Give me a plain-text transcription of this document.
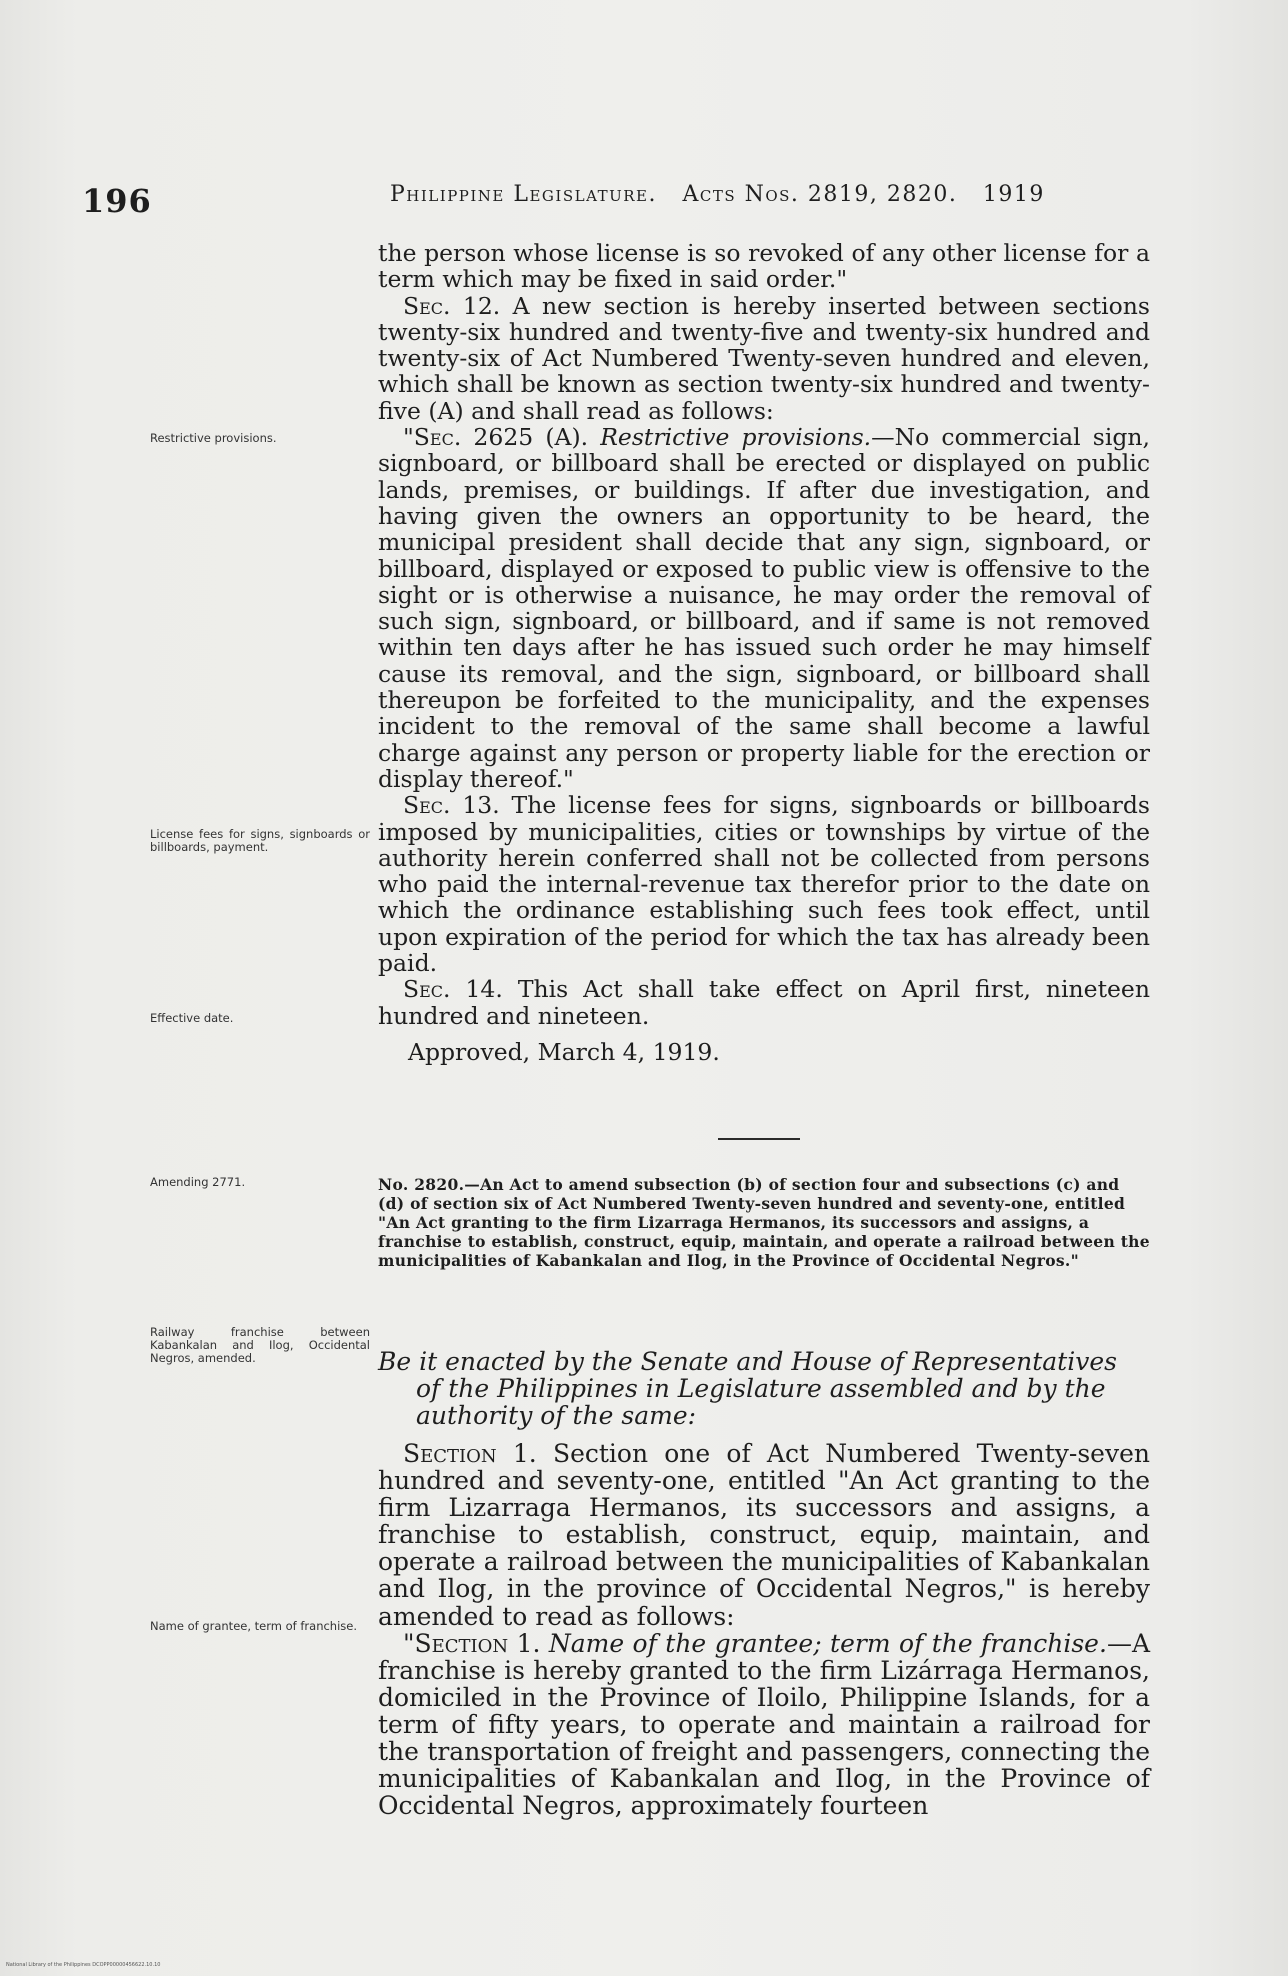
196	Philippine Legislature. Acts Nos. 2819, 2820. 1919

the person whose license is so revoked of any other license for a term which may be fixed in said order."

Sec. 12. A new section is hereby inserted between sections twenty-six hundred and twenty-five and twenty-six hundred and twenty-six of Act Numbered Twenty-seven hundred and eleven, which shall be known as section twenty-six hundred and twenty-five (A) and shall read as follows:

"Sec. 2625 (A). Restrictive provisions.—No commercial sign, signboard, or billboard shall be erected or displayed on public lands, premises, or buildings. If after due investigation, and having given the owners an opportunity to be heard, the municipal president shall decide that any sign, signboard, or billboard, displayed or exposed to public view is offensive to the sight or is otherwise a nuisance, he may order the removal of such sign, signboard, or billboard, and if same is not removed within ten days after he has issued such order he may himself cause its removal, and the sign, signboard, or billboard shall thereupon be forfeited to the municipality, and the expenses incident to the removal of the same shall become a lawful charge against any person or property liable for the erection or display thereof."

Sec. 13. The license fees for signs, signboards or billboards imposed by municipalities, cities or townships by virtue of the authority herein conferred shall not be collected from persons who paid the internal-revenue tax therefor prior to the date on which the ordinance establishing such fees took effect, until upon expiration of the period for which the tax has already been paid.

Sec. 14. This Act shall take effect on April first, nineteen hundred and nineteen.

Approved, March 4, 1919.

Restrictive provisions.
License fees for signs, signboards or billboards, payment.
Effective date.
Amending 2771.
Railway franchise between Kabankalan and Ilog, Occidental Negros, amended.
Name of grantee, term of franchise.
No. 2820.—An Act to amend subsection (b) of section four and subsections (c) and (d) of section six of Act Numbered Twenty-seven hundred and seventy-one, entitled "An Act granting to the firm Lizarraga Hermanos, its successors and assigns, a franchise to establish, construct, equip, maintain, and operate a railroad between the municipalities of Kabankalan and Ilog, in the Province of Occidental Negros."
Be it enacted by the Senate and House of Representatives
of the Philippines in Legislature assembled and by the
authority of the same:

Section 1. Section one of Act Numbered Twenty-seven hundred and seventy-one, entitled "An Act granting to the firm Lizarraga Hermanos, its successors and assigns, a franchise to establish, construct, equip, maintain, and operate a railroad between the municipalities of Kabankalan and Ilog, in the province of Occidental Negros," is hereby amended to read as follows:

"Section 1. Name of the grantee; term of the franchise.—A franchise is hereby granted to the firm Lizárraga Hermanos, domiciled in the Province of Iloilo, Philippine Islands, for a term of fifty years, to operate and maintain a railroad for the transportation of freight and passengers, connecting the municipalities of Kabankalan and Ilog, in the Province of Occidental Negros, approximately fourteen

National Library of the Philippines DCOPP00000456622.10.10
